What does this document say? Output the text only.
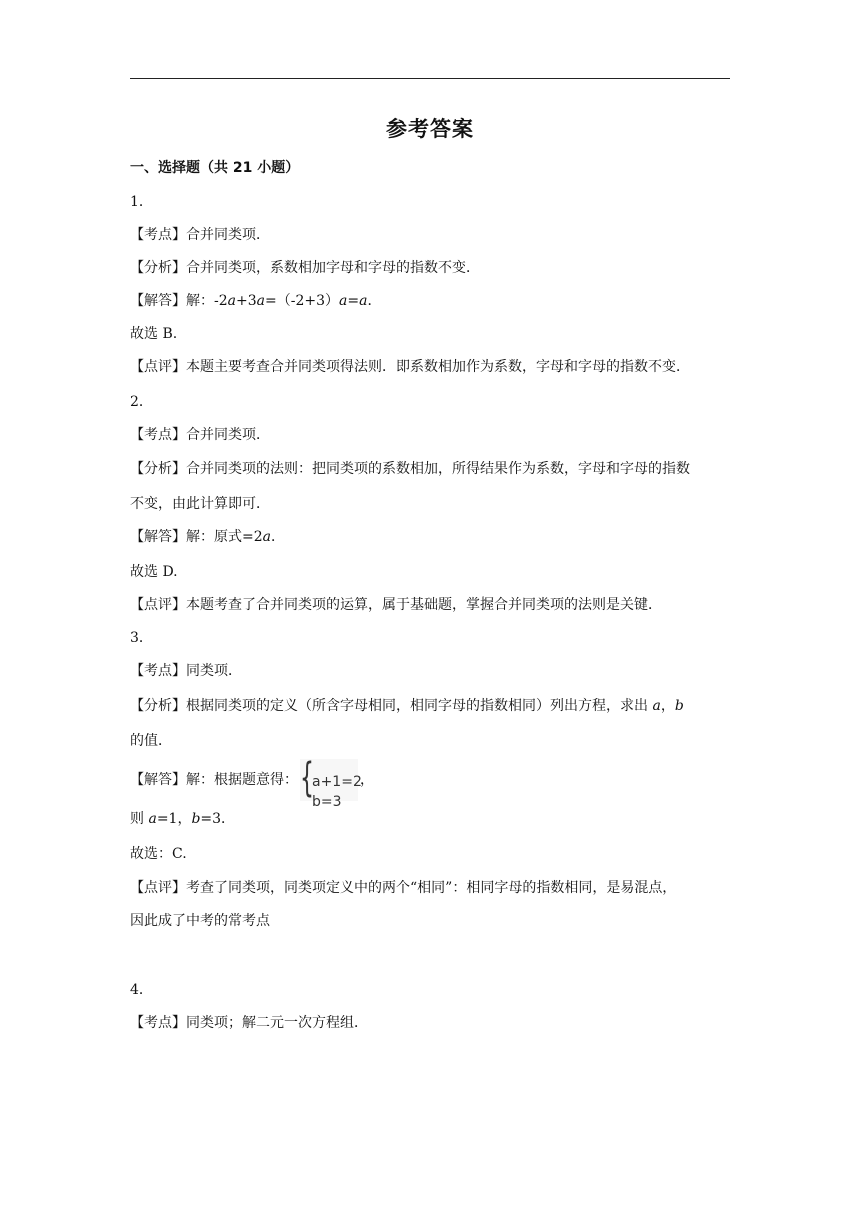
参考答案
一、选择题（共 21 小题）
1．
【考点】合并同类项．
【分析】合并同类项，系数相加字母和字母的指数不变．
【解答】解：-2a+3a=（-2+3）a=a．
故选 B.
【点评】本题主要考查合并同类项得法则．即系数相加作为系数，字母和字母的指数不变．
2．
【考点】合并同类项．
【分析】合并同类项的法则：把同类项的系数相加，所得结果作为系数，字母和字母的指数
不变，由此计算即可．
【解答】解：原式=2a．
故选 D.
【点评】本题考查了合并同类项的运算，属于基础题，掌握合并同类项的法则是关键．
3．
【考点】同类项．
【分析】根据同类项的定义（所含字母相同，相同字母的指数相同）列出方程，求出 a，b
的值．
【解答】解：根据题意得： {
a+1=2
b=3
，
则 a=1，b=3．
故选：C.
【点评】考查了同类项，同类项定义中的两个“相同”：相同字母的指数相同，是易混点，
因此成了中考的常考点
4．
【考点】同类项；解二元一次方程组．
